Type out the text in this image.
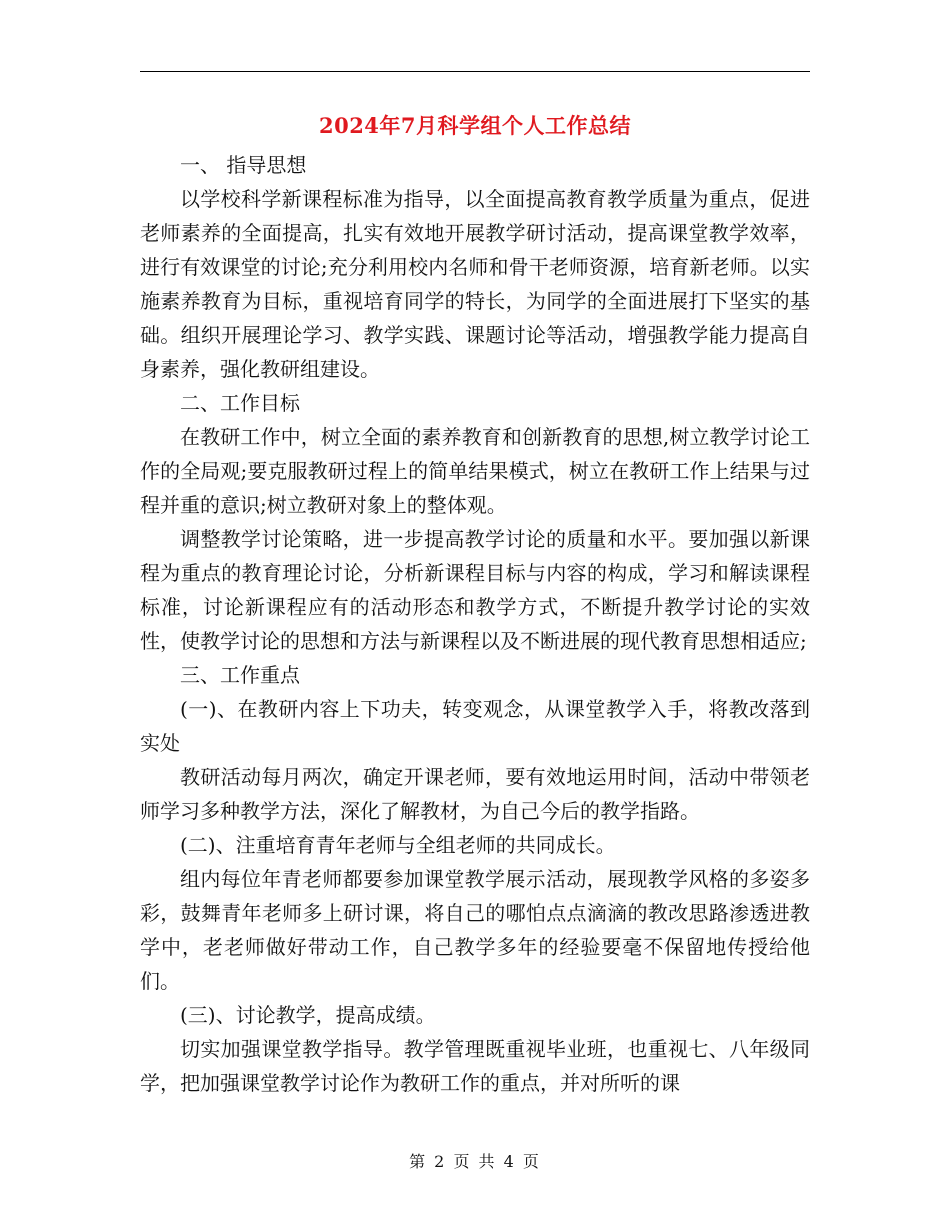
2024年7月科学组个人工作总结

一、 指导思想

以学校科学新课程标准为指导，以全面提高教育教学质量为重点，促进老师素养的全面提高，扎实有效地开展教学研讨活动，提高课堂教学效率，进行有效课堂的讨论;充分利用校内名师和骨干老师资源，培育新老师。以实施素养教育为目标，重视培育同学的特长，为同学的全面进展打下坚实的基础。组织开展理论学习、教学实践、课题讨论等活动，增强教学能力提高自身素养，强化教研组建设。

二、工作目标

在教研工作中，树立全面的素养教育和创新教育的思想,树立教学讨论工作的全局观;要克服教研过程上的简单结果模式，树立在教研工作上结果与过程并重的意识;树立教研对象上的整体观。

调整教学讨论策略，进一步提高教学讨论的质量和水平。要加强以新课程为重点的教育理论讨论，分析新课程目标与内容的构成，学习和解读课程标准，讨论新课程应有的活动形态和教学方式，不断提升教学讨论的实效性，使教学讨论的思想和方法与新课程以及不断进展的现代教育思想相适应;

三、工作重点

(一)、在教研内容上下功夫，转变观念，从课堂教学入手，将教改落到实处

教研活动每月两次，确定开课老师，要有效地运用时间，活动中带领老师学习多种教学方法，深化了解教材，为自己今后的教学指路。

(二)、注重培育青年老师与全组老师的共同成长。

组内每位年青老师都要参加课堂教学展示活动，展现教学风格的多姿多彩，鼓舞青年老师多上研讨课，将自己的哪怕点点滴滴的教改思路渗透进教学中，老老师做好带动工作，自己教学多年的经验要毫不保留地传授给他们。

(三)、讨论教学，提高成绩。

切实加强课堂教学指导。教学管理既重视毕业班，也重视七、八年级同学，把加强课堂教学讨论作为教研工作的重点，并对所听的课

第 2 页 共 4 页
